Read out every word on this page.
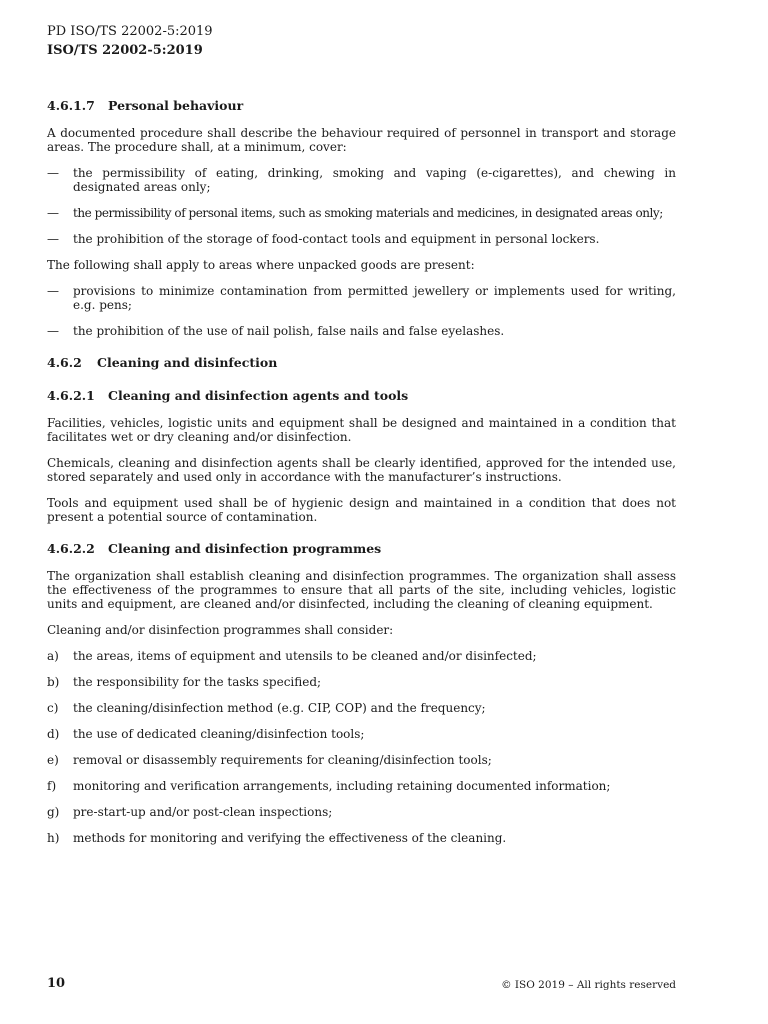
PD ISO/TS 22002-5:2019
ISO/TS 22002-5:2019
4.6.1.7	Personal behaviour
A documented procedure shall describe the behaviour required of personnel in transport and storage areas. The procedure shall, at a minimum, cover:
—	the permissibility of eating, drinking, smoking and vaping (e-cigarettes), and chewing in designated areas only;
—	the permissibility of personal items, such as smoking materials and medicines, in designated areas only;
—	the prohibition of the storage of food-contact tools and equipment in personal lockers.
The following shall apply to areas where unpacked goods are present:
—	provisions to minimize contamination from permitted jewellery or implements used for writing, e.g. pens;
—	the prohibition of the use of nail polish, false nails and false eyelashes.
4.6.2	Cleaning and disinfection
4.6.2.1	Cleaning and disinfection agents and tools
Facilities, vehicles, logistic units and equipment shall be designed and maintained in a condition that facilitates wet or dry cleaning and/or disinfection.
Chemicals, cleaning and disinfection agents shall be clearly identified, approved for the intended use, stored separately and used only in accordance with the manufacturer’s instructions.
Tools and equipment used shall be of hygienic design and maintained in a condition that does not present a potential source of contamination.
4.6.2.2	Cleaning and disinfection programmes
The organization shall establish cleaning and disinfection programmes. The organization shall assess the effectiveness of the programmes to ensure that all parts of the site, including vehicles, logistic units and equipment, are cleaned and/or disinfected, including the cleaning of cleaning equipment.
Cleaning and/or disinfection programmes shall consider:
a)	the areas, items of equipment and utensils to be cleaned and/or disinfected;
b)	the responsibility for the tasks specified;
c)	the cleaning/disinfection method (e.g. CIP, COP) and the frequency;
d)	the use of dedicated cleaning/disinfection tools;
e)	removal or disassembly requirements for cleaning/disinfection tools;
f)	monitoring and verification arrangements, including retaining documented information;
g)	pre-start-up and/or post-clean inspections;
h)	methods for monitoring and verifying the effectiveness of the cleaning.
10	© ISO 2019 – All rights reserved
